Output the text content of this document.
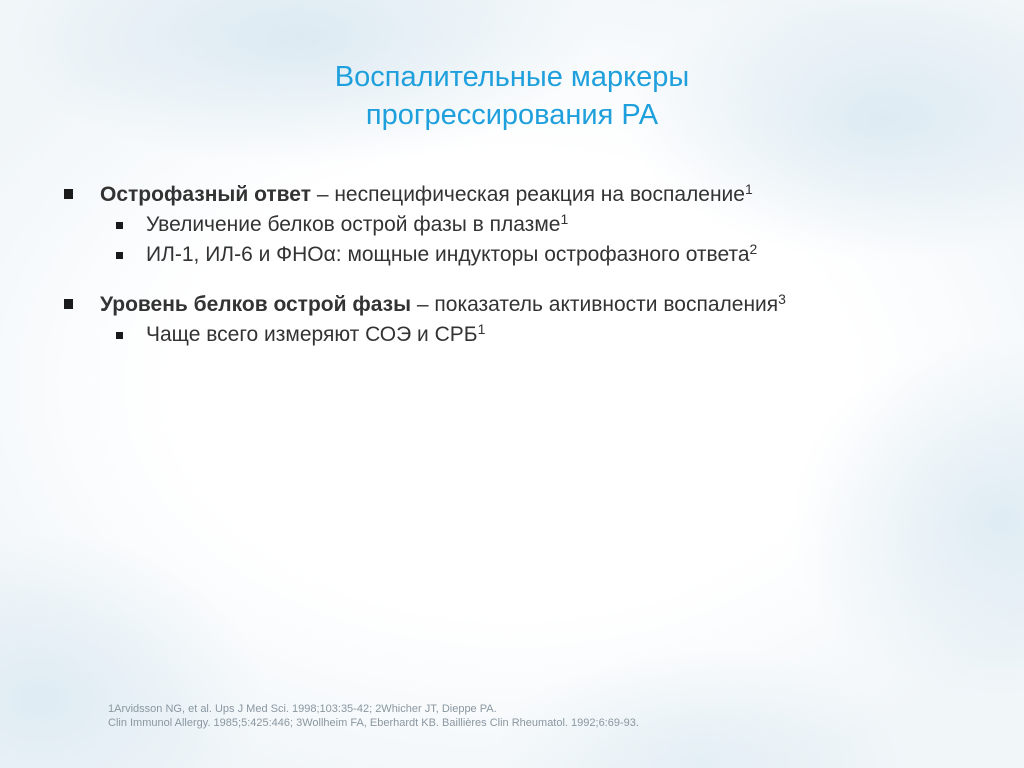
Воспалительные маркеры
прогрессирования РА
Острофазный ответ – неспецифическая реакция на воспаление$^1$
Увеличение белков острой фазы в плазме$^1$
ИЛ-1, ИЛ-6 и ФНОα: мощные индукторы острофазного ответа$^2$
Уровень белков острой фазы – показатель активности воспаления$^3$
Чаще всего измеряют СОЭ и СРБ$^1$
1Arvidsson NG, et al. Ups J Med Sci. 1998;103:35-42; 2Whicher JT, Dieppe PA.
Clin Immunol Allergy. 1985;5:425:446; 3Wollheim FA, Eberhardt KB. Baillières Clin Rheumatol. 1992;6:69-93.
